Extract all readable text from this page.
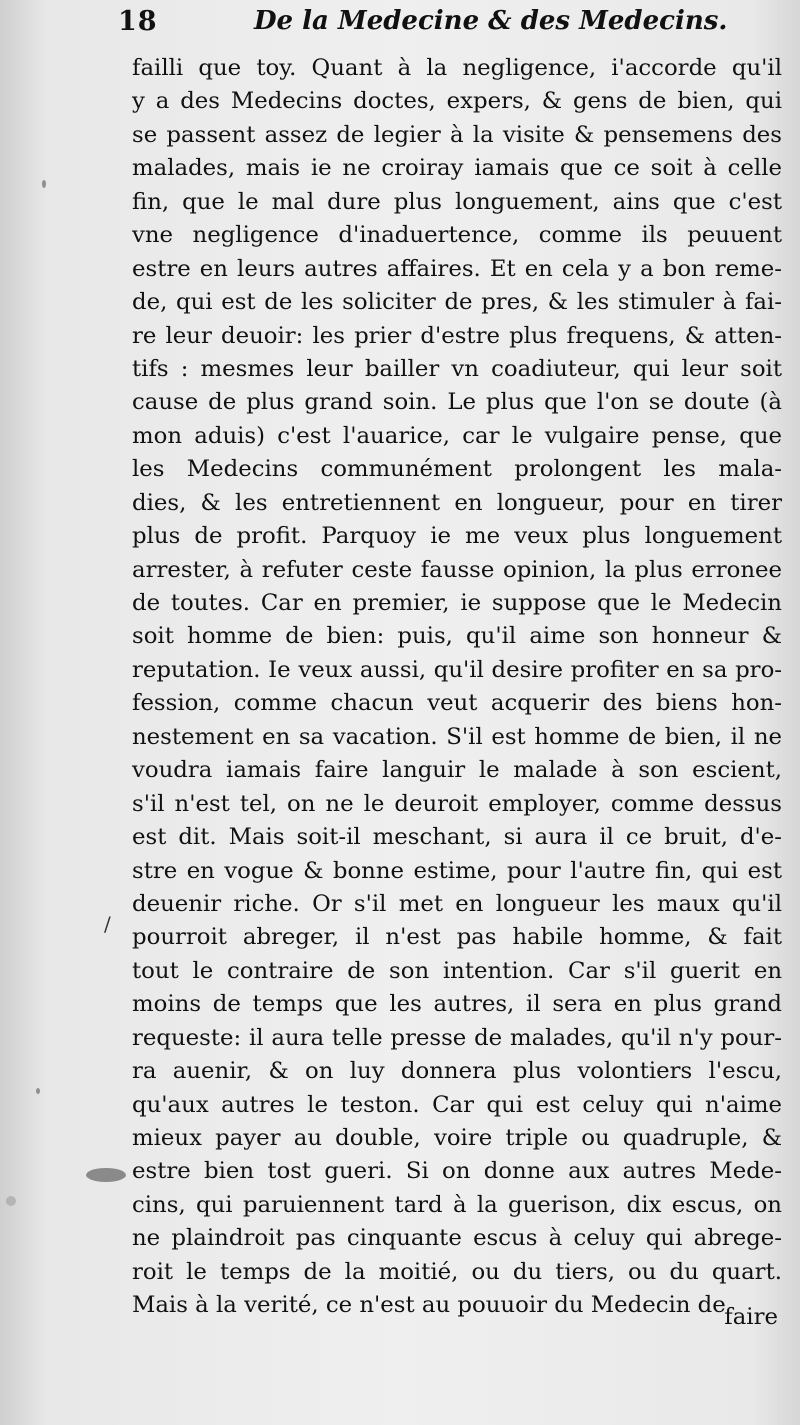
18	De la Medecine & des Medecins.
failli que toy. Quant à la negligence, i'accorde qu'il
y a des Medecins doctes, expers, & gens de bien, qui
se passent assez de legier à la visite & pensemens des
malades, mais ie ne croiray iamais que ce soit à celle
fin, que le mal dure plus longuement, ains que c'est
vne negligence d'inaduertence, comme ils peuuent
estre en leurs autres affaires. Et en cela y a bon reme-
de, qui est de les soliciter de pres, & les stimuler à fai-
re leur deuoir: les prier d'estre plus frequens, & atten-
tifs : mesmes leur bailler vn coadiuteur, qui leur soit
cause de plus grand soin. Le plus que l'on se doute (à
mon aduis) c'est l'auarice, car le vulgaire pense, que
les Medecins communément prolongent les mala-
dies, & les entretiennent en longueur, pour en tirer
plus de profit. Parquoy ie me veux plus longuement
arrester, à refuter ceste fausse opinion, la plus erronee
de toutes. Car en premier, ie suppose que le Medecin
soit homme de bien: puis, qu'il aime son honneur &
reputation. Ie veux aussi, qu'il desire profiter en sa pro-
fession, comme chacun veut acquerir des biens hon-
nestement en sa vacation. S'il est homme de bien, il ne
voudra iamais faire languir le malade à son escient,
s'il n'est tel, on ne le deuroit employer, comme dessus
est dit. Mais soit-il meschant, si aura il ce bruit, d'e-
stre en vogue & bonne estime, pour l'autre fin, qui est
deuenir riche. Or s'il met en longueur les maux qu'il
pourroit abreger, il n'est pas habile homme, & fait
tout le contraire de son intention. Car s'il guerit en
moins de temps que les autres, il sera en plus grand
requeste: il aura telle presse de malades, qu'il n'y pour-
ra auenir, & on luy donnera plus volontiers l'escu,
qu'aux autres le teston. Car qui est celuy qui n'aime
mieux payer au double, voire triple ou quadruple, &
estre bien tost gueri. Si on donne aux autres Mede-
cins, qui paruiennent tard à la guerison, dix escus, on
ne plaindroit pas cinquante escus à celuy qui abrege-
roit le temps de la moitié, ou du tiers, ou du quart.
Mais à la verité, ce n'est au pouuoir du Medecin de
faire
/
